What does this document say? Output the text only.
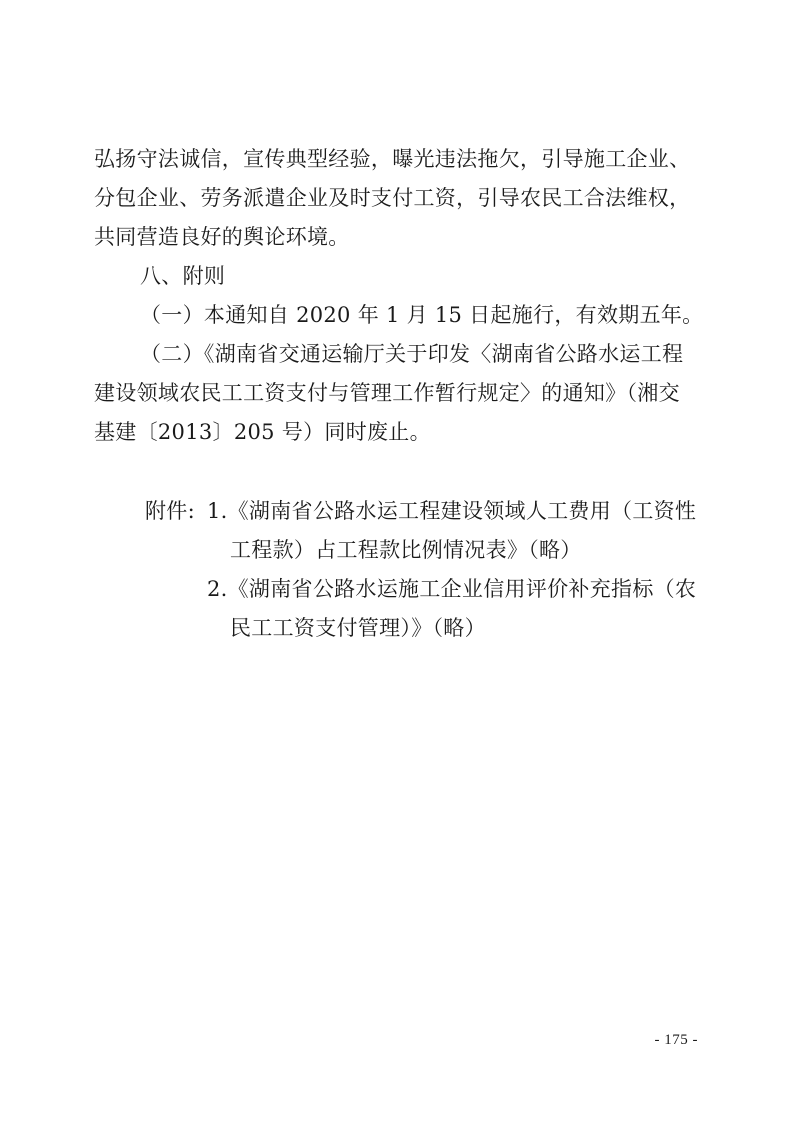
弘扬守法诚信，宣传典型经验，曝光违法拖欠，引导施工企业、
分包企业、劳务派遣企业及时支付工资，引导农民工合法维权，
共同营造良好的舆论环境。
八、附则
（一）本通知自 2020 年 1 月 15 日起施行，有效期五年。
（二）《湖南省交通运输厅关于印发〈湖南省公路水运工程
建设领域农民工工资支付与管理工作暂行规定〉的通知》（湘交
基建〔2013〕205 号）同时废止。
附件: 1.《湖南省公路水运工程建设领域人工费用（工资性
工程款）占工程款比例情况表》（略）
2.《湖南省公路水运施工企业信用评价补充指标（农
民工工资支付管理）》（略）
- 175 -
